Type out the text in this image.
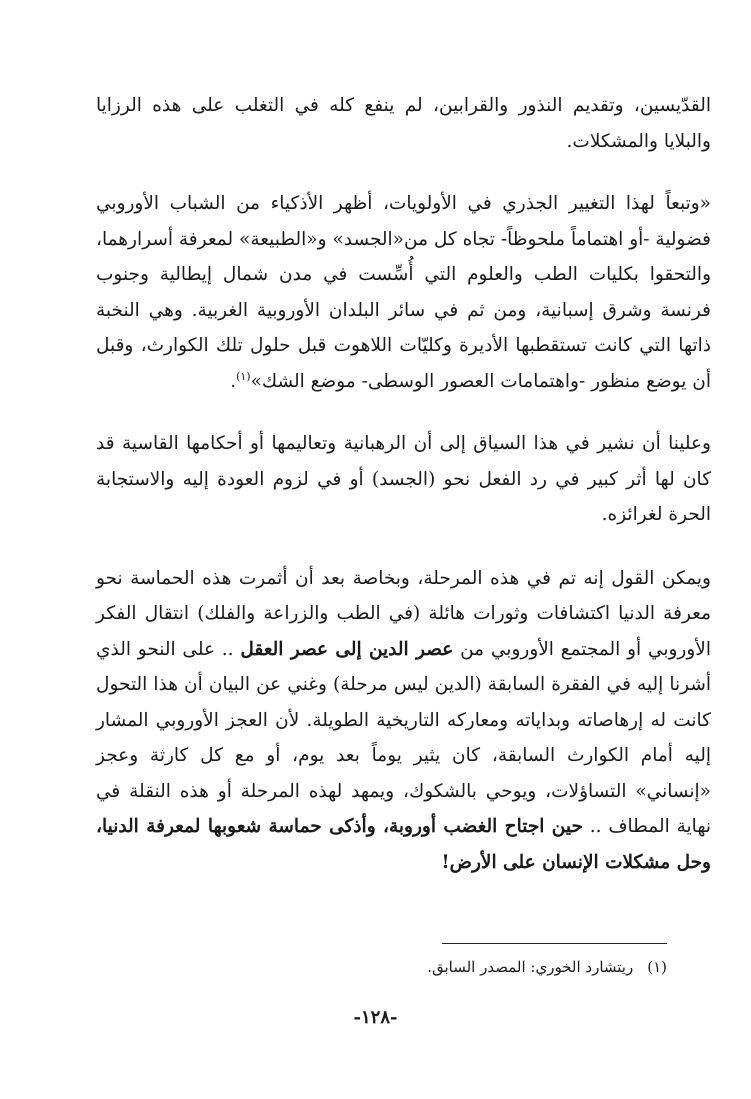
القدّيسين، وتقديم النذور والقرابين، لم ينفع كله في التغلب على هذه الرزايا والبلايا والمشكلات.

«وتبعاً لهذا التغيير الجذري في الأولويات، أظهر الأذكياء من الشباب الأوروبي فضولية -أو اهتماماً ملحوظاً- تجاه كل من«الجسد» و«الطبيعة» لمعرفة أسرارهما، والتحقوا بكليات الطب والعلوم التي أُسِّست في مدن شمال إيطالية وجنوب فرنسة وشرق إسبانية، ومن ثم في سائر البلدان الأوروبية الغربية. وهي النخبة ذاتها التي كانت تستقطبها الأديرة وكليّات اللاهوت قبل حلول تلك الكوارث، وقبل أن يوضع منظور -واهتمامات العصور الوسطى- موضع الشك»$^{(١)}$.

وعلينا أن نشير في هذا السياق إلى أن الرهبانية وتعاليمها أو أحكامها القاسية قد كان لها أثر كبير في رد الفعل نحو (الجسد) أو في لزوم العودة إليه والاستجابة الحرة لغرائزه.

ويمكن القول إنه تم في هذه المرحلة، وبخاصة بعد أن أثمرت هذه الحماسة نحو معرفة الدنيا اكتشافات وثورات هائلة (في الطب والزراعة والفلك) انتقال الفكر الأوروبي أو المجتمع الأوروبي من عصر الدين إلى عصر العقل .. على النحو الذي أشرنا إليه في الفقرة السابقة (الدين ليس مرحلة) وغني عن البيان أن هذا التحول كانت له إرهاصاته وبداياته ومعاركه التاريخية الطويلة. لأن العجز الأوروبي المشار إليه أمام الكوارث السابقة، كان يثير يوماً بعد يوم، أو مع كل كارثة وعجز «إنساني» التساؤلات، ويوحي بالشكوك، ويمهد لهذه المرحلة أو هذه النقلة في نهاية المطاف .. حين اجتاح الغضب أوروبة، وأذكى حماسة شعوبها لمعرفة الدنيا، وحل مشكلات الإنسان على الأرض!

(١)ريتشارد الخوري: المصدر السابق.
-١٢٨-
